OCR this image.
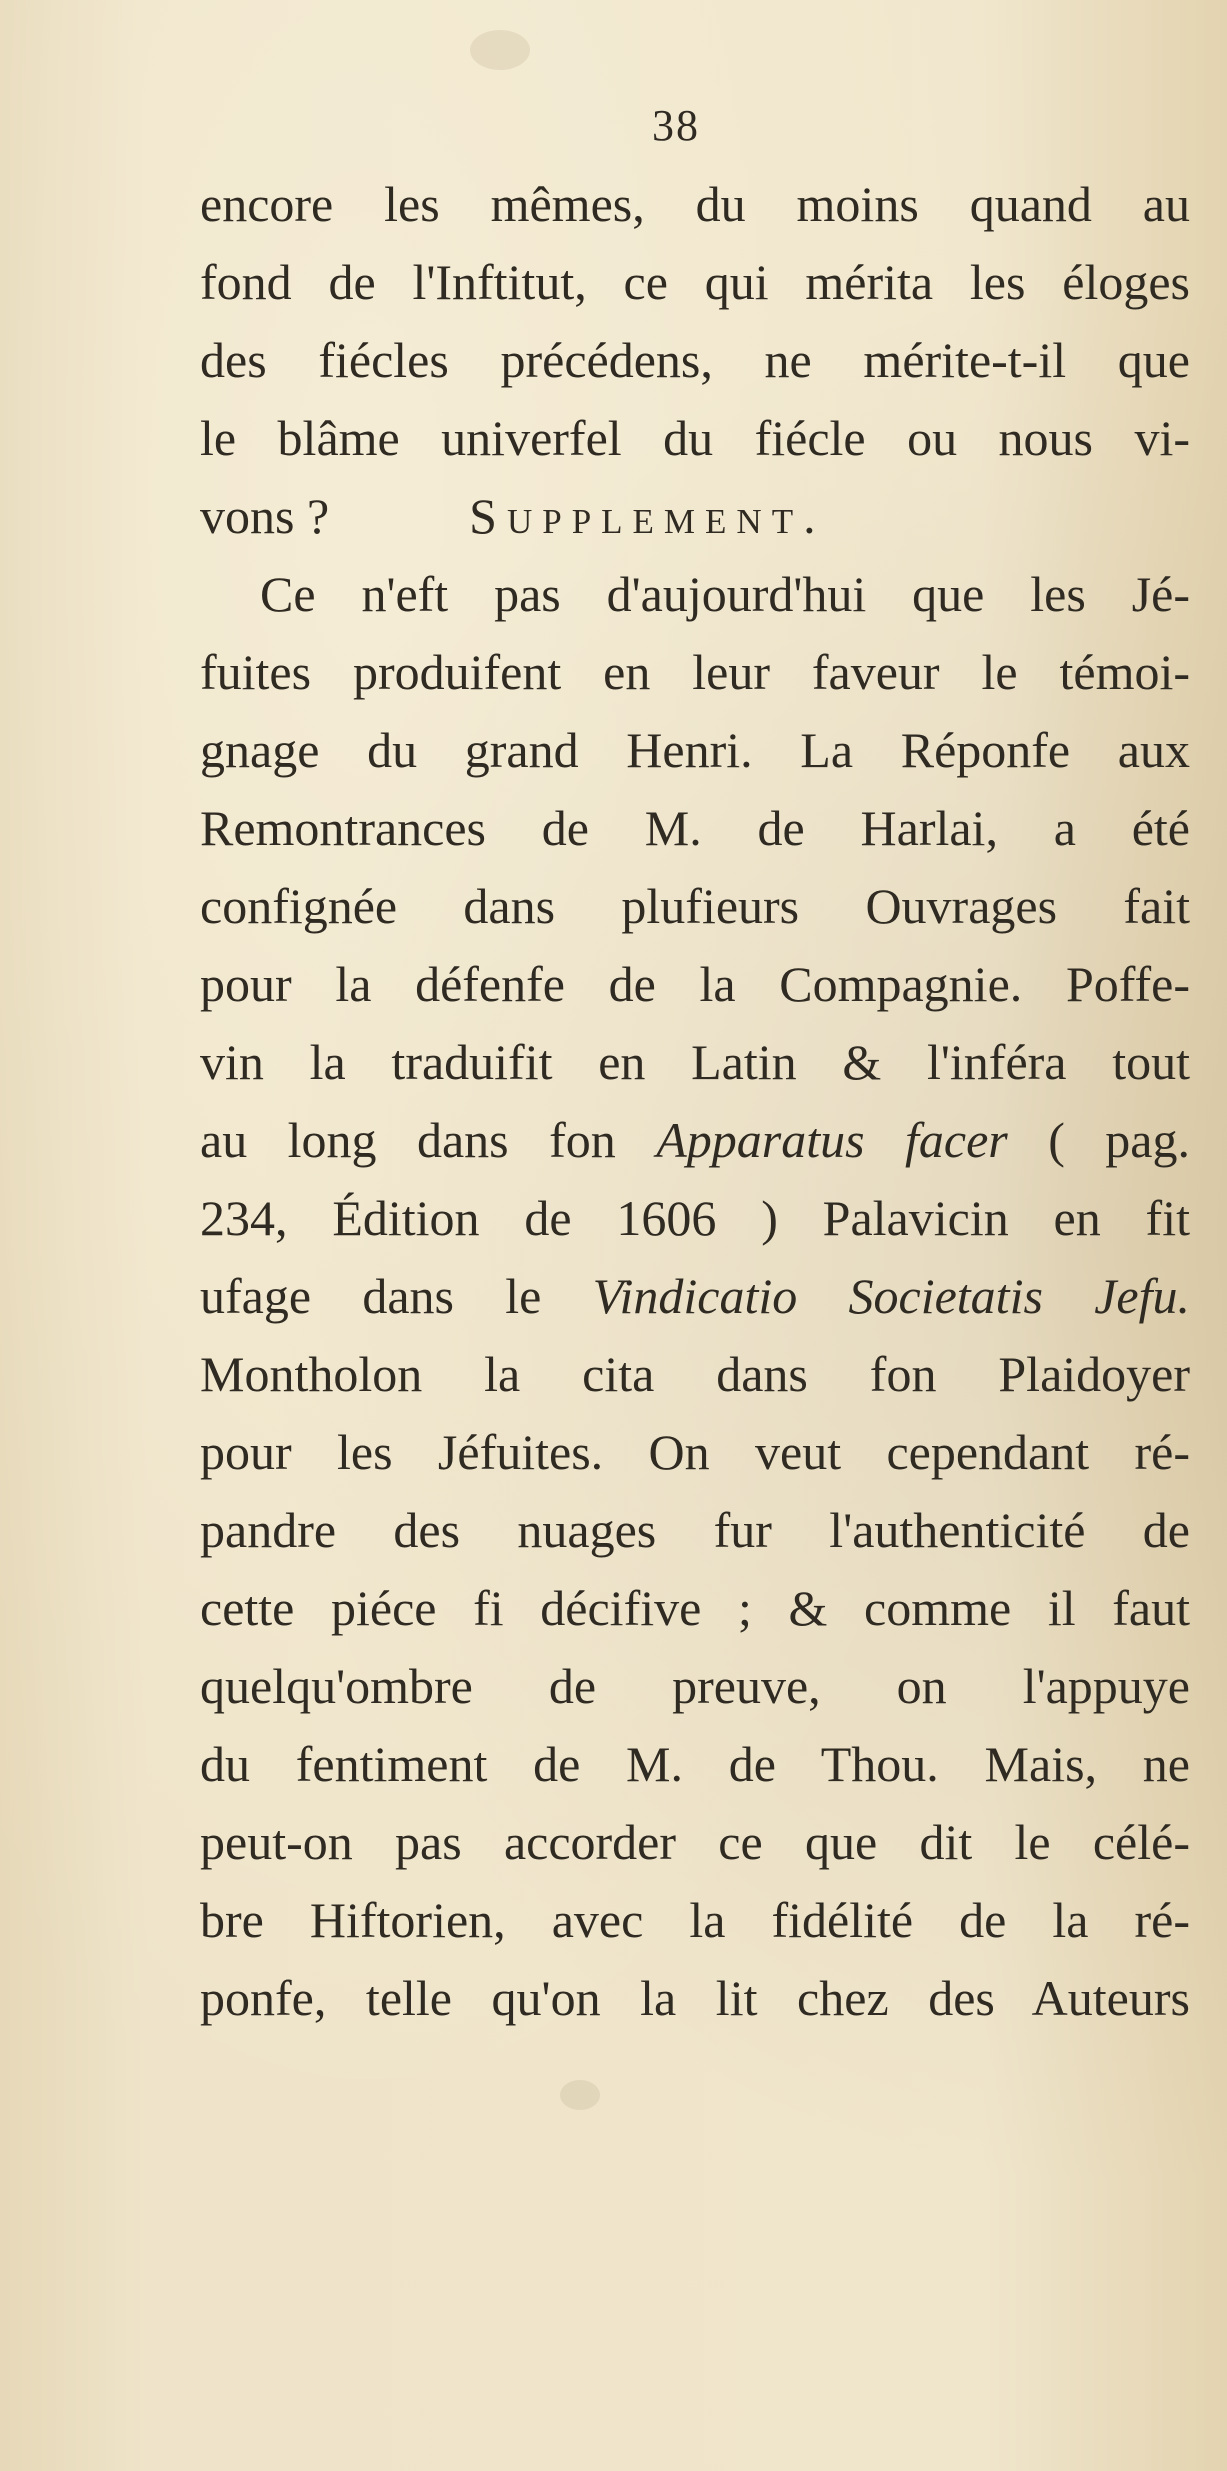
38
encore les mêmes, du moins quand au
fond de l'Inftitut, ce qui mérita les éloges
des fiécles précédens, ne mérite-t-il que
le blâme univerfel du fiécle ou nous vi-
vons ?	Supplement.
Ce n'eft pas d'aujourd'hui que les Jé-
fuites produifent en leur faveur le témoi-
gnage du grand Henri. La Réponfe aux
Remontrances de M. de Harlai, a été
confignée dans plufieurs Ouvrages fait
pour la défenfe de la Compagnie. Poffe-
vin la traduifit en Latin & l'inféra tout
au long dans fon Apparatus facer ( pag.
234, Édition de 1606 ) Palavicin en fit
ufage dans le Vindicatio Societatis Jefu.
Montholon la cita dans fon Plaidoyer
pour les Jéfuites. On veut cependant ré-
pandre des nuages fur l'authenticité de
cette piéce fi décifive ; & comme il faut
quelqu'ombre de preuve, on l'appuye
du fentiment de M. de Thou. Mais, ne
peut-on pas accorder ce que dit le célé-
bre Hiftorien, avec la fidélité de la ré-
ponfe, telle qu'on la lit chez des Auteurs
